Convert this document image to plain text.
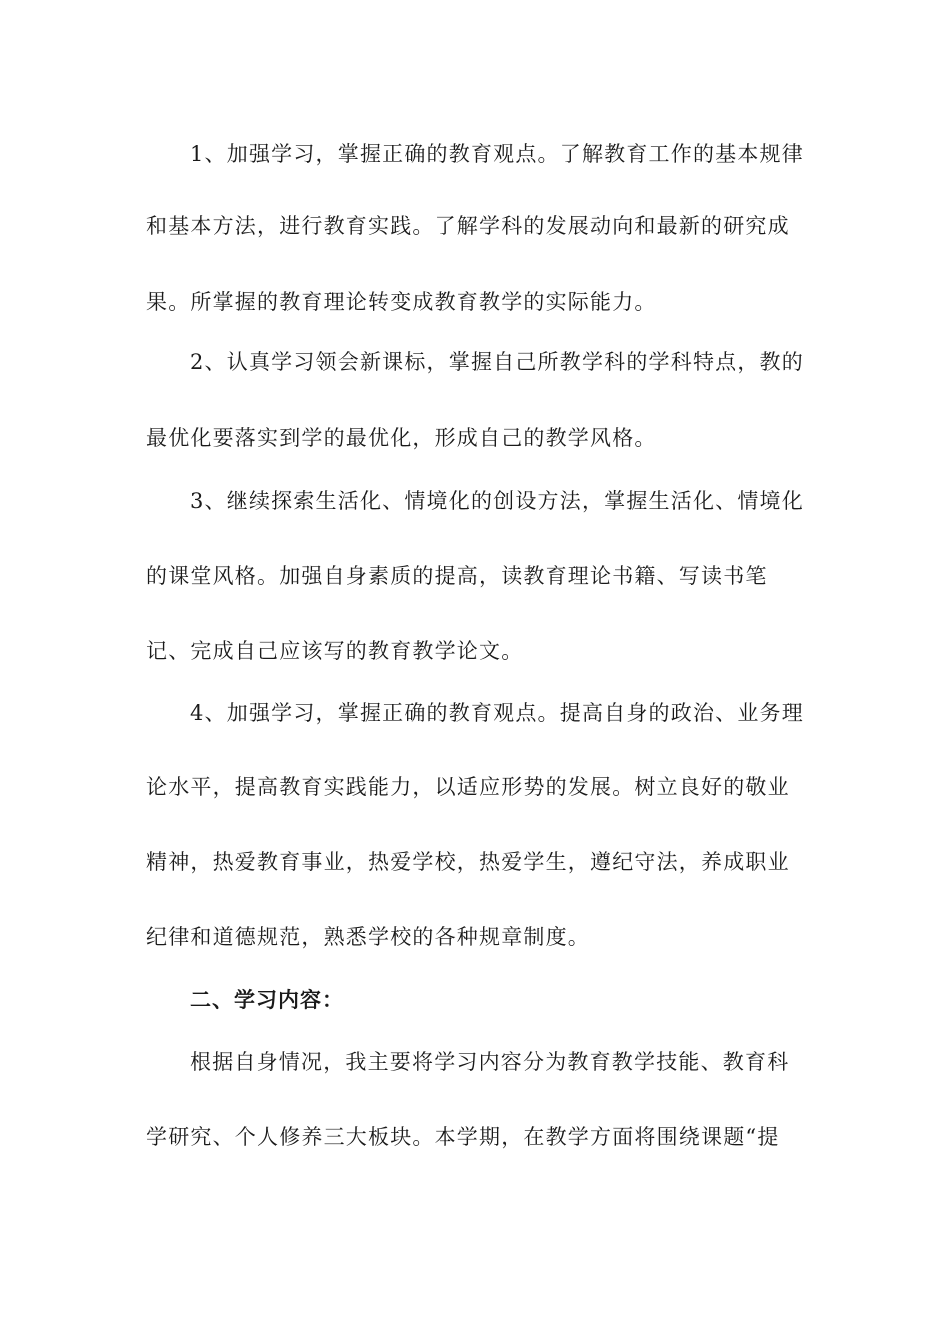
1、加强学习，掌握正确的教育观点。了解教育工作的基本规律
和基本方法，进行教育实践。了解学科的发展动向和最新的研究成
果。所掌握的教育理论转变成教育教学的实际能力。
2、认真学习领会新课标，掌握自己所教学科的学科特点，教的
最优化要落实到学的最优化，形成自己的教学风格。
3、继续探索生活化、情境化的创设方法，掌握生活化、情境化
的课堂风格。加强自身素质的提高，读教育理论书籍、写读书笔
记、完成自己应该写的教育教学论文。
4、加强学习，掌握正确的教育观点。提高自身的政治、业务理
论水平，提高教育实践能力，以适应形势的发展。树立良好的敬业
精神，热爱教育事业，热爱学校，热爱学生，遵纪守法，养成职业
纪律和道德规范，熟悉学校的各种规章制度。
二、学习内容：
根据自身情况，我主要将学习内容分为教育教学技能、教育科
学研究、个人修养三大板块。本学期，在教学方面将围绕课题“提
